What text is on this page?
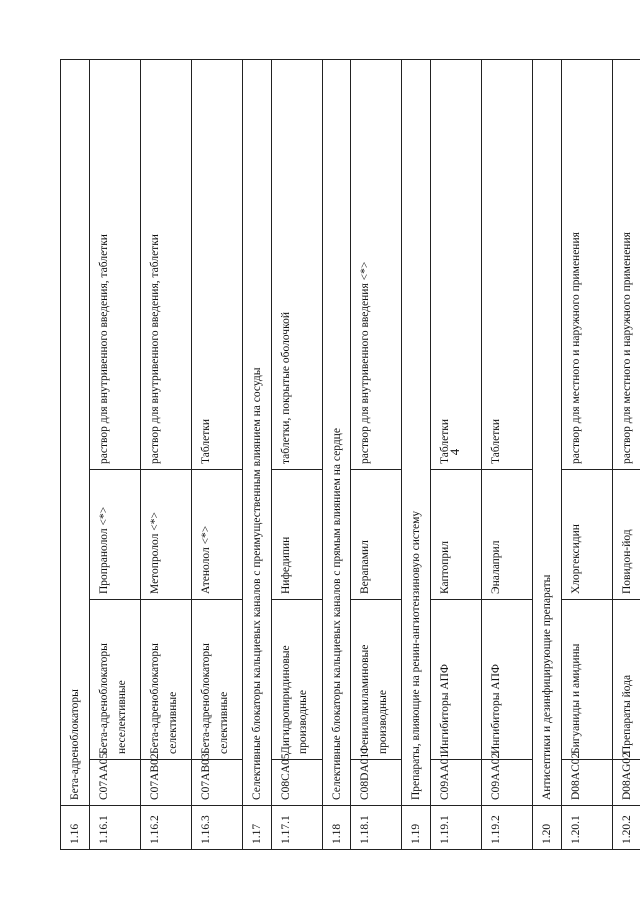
4
1.16	Бета-адреноблокаторы			
1.16.1	C07AA05	Бета-адреноблокаторы неселективные	Пропранолол <*>	раствор для внутривенного введения, таблетки
1.16.2	C07AB02	Бета-адреноблокаторы селективные	Метопролол <*>	раствор для внутривенного введения, таблетки
1.16.3	C07AB03	Бета-адреноблокаторы селективные	Атенолол <*>	Таблетки
1.17	Селективные блокаторы кальциевых каналов с преимущественным влиянием на сосуды			
1.17.1	C08CA05	Дигидропиридиновые производные	Нифедипин	таблетки, покрытые оболочкой
1.18	Селективные блокаторы кальциевых каналов с прямым влиянием на сердце			
1.18.1	C08DA01	Фенилалкиламиновые производные	Верапамил	раствор для внутривенного введения <*>
1.19	Препараты, влияющие на ренин-ангиотензиновую систему			
1.19.1	C09AA01	Ингибиторы АПФ	Каптоприл	Таблетки
1.19.2	C09AA02	Ингибиторы АПФ	Эналаприл	Таблетки
1.20	Антисептики и дезинфицирующие препараты			
1.20.1	D08AC02	Бигуаниды и амидины	Хлоргексидин	раствор для местного и наружного применения
1.20.2	D08AG02	Препараты йода	Повидон-йод	раствор для местного и наружного применения
